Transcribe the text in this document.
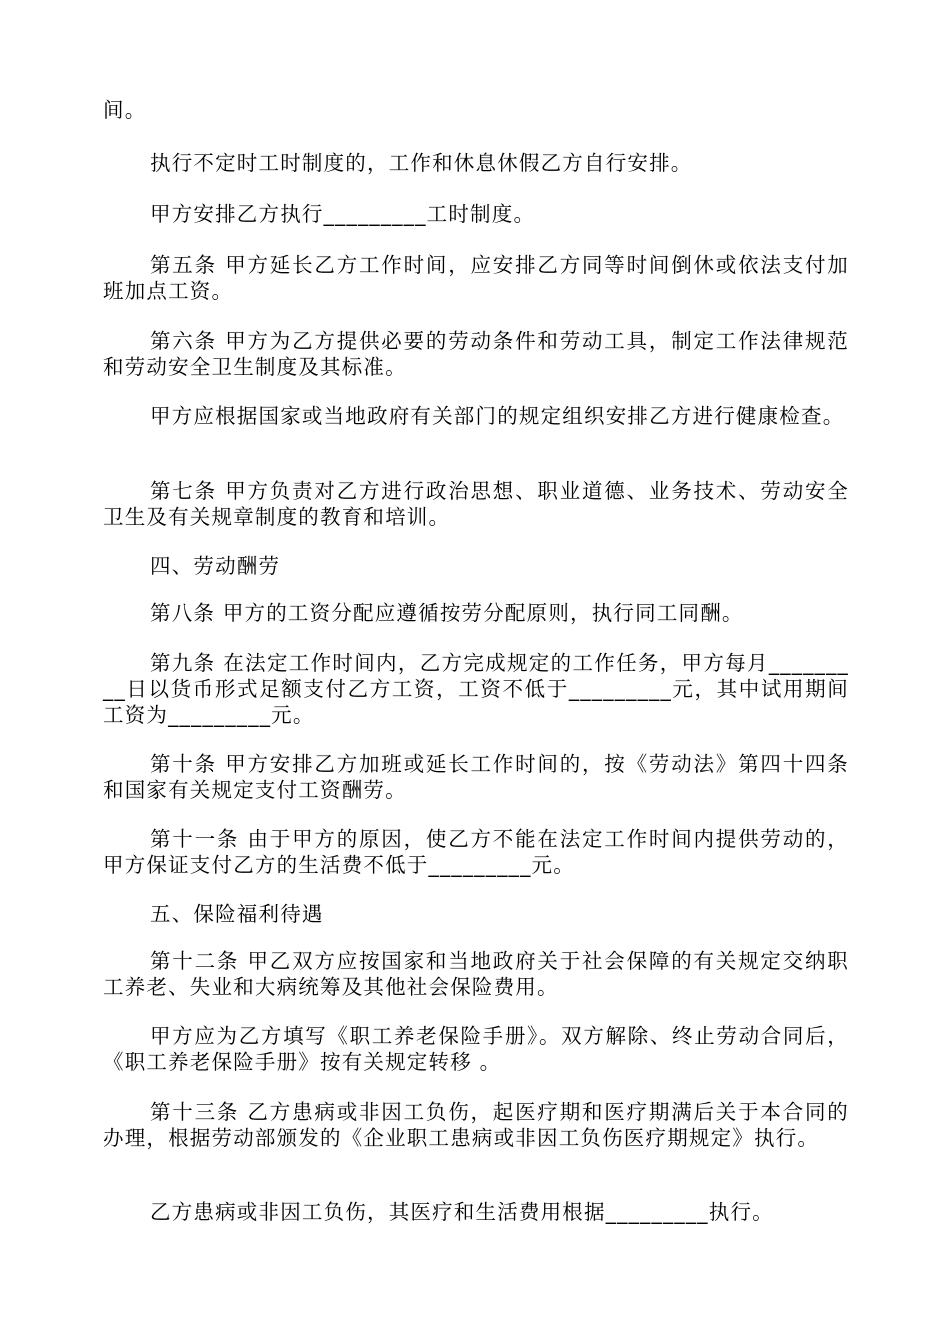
间。

执行不定时工时制度的，工作和休息休假乙方自行安排。

甲方安排乙方执行_________工时制度。

第五条 甲方延长乙方工作时间，应安排乙方同等时间倒休或依法支付加班加点工资。

第六条 甲方为乙方提供必要的劳动条件和劳动工具，制定工作法律规范和劳动安全卫生制度及其标准。

甲方应根据国家或当地政府有关部门的规定组织安排乙方进行健康检查。

第七条 甲方负责对乙方进行政治思想、职业道德、业务技术、劳动安全卫生及有关规章制度的教育和培训。

四、劳动酬劳

第八条 甲方的工资分配应遵循按劳分配原则，执行同工同酬。

第九条 在法定工作时间内，乙方完成规定的工作任务，甲方每月_________日以货币形式足额支付乙方工资，工资不低于_________元，其中试用期间工资为_________元。

第十条 甲方安排乙方加班或延长工作时间的，按《劳动法》第四十四条和国家有关规定支付工资酬劳。

第十一条 由于甲方的原因，使乙方不能在法定工作时间内提供劳动的，甲方保证支付乙方的生活费不低于_________元。

五、保险福利待遇

第十二条 甲乙双方应按国家和当地政府关于社会保障的有关规定交纳职工养老、失业和大病统筹及其他社会保险费用。

甲方应为乙方填写《职工养老保险手册》。双方解除、终止劳动合同后，《职工养老保险手册》按有关规定转移 。

第十三条 乙方患病或非因工负伤，起医疗期和医疗期满后关于本合同的办理，根据劳动部颁发的《企业职工患病或非因工负伤医疗期规定》执行。

乙方患病或非因工负伤，其医疗和生活费用根据_________执行。
